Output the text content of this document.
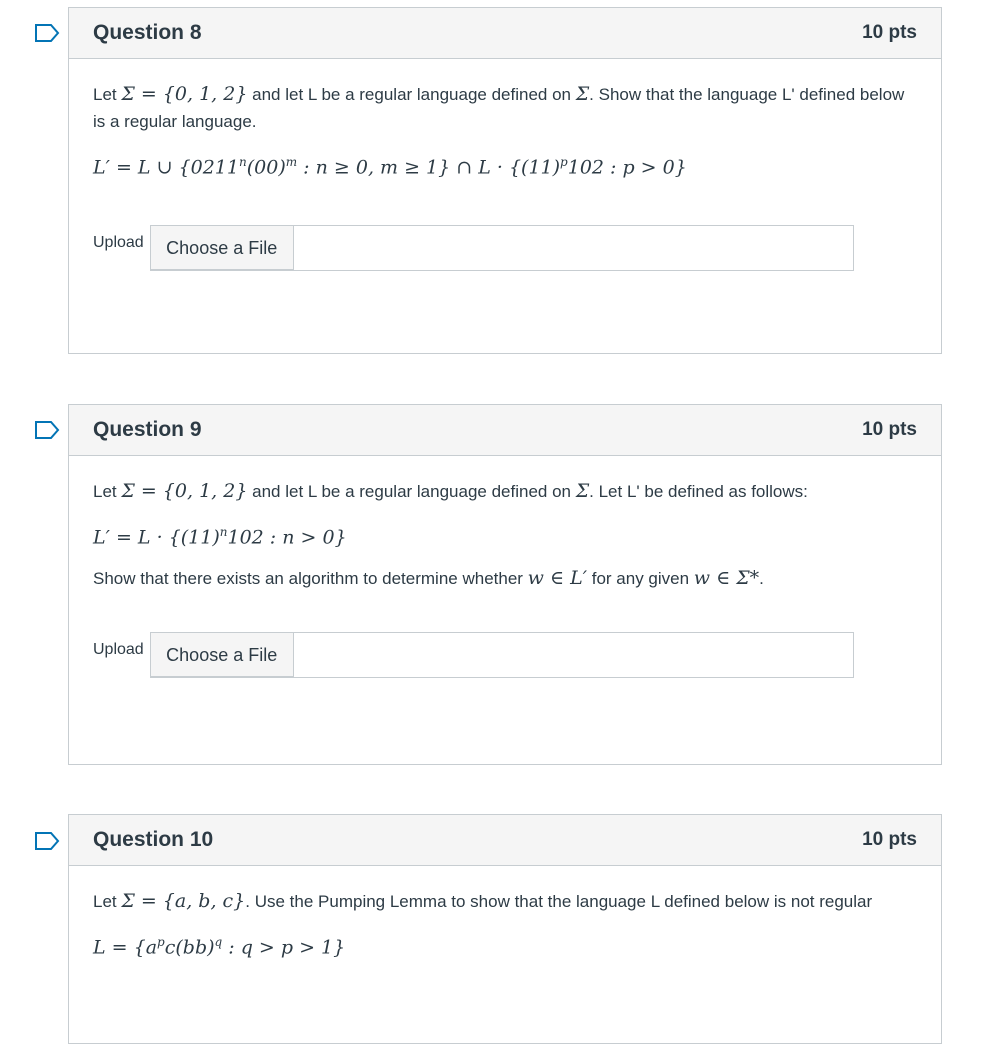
Question 8	10 pts

Let Σ = {0, 1, 2} and let L be a regular language defined on Σ. Show that the language L' defined below is a regular language.

L′ = L ∪ {$0211^n(00)^m$ : n ≥ 0, m ≥ 1} ∩ $L \cdot \{(11)^p102$ : p > 0}

Upload	Choose a File
Question 9	10 pts

Let Σ = {0, 1, 2} and let L be a regular language defined on Σ. Let L' be defined as follows:

$L' = L \cdot \{(11)^n102$ : n > 0}

Show that there exists an algorithm to determine whether w ∈ L′ for any given w ∈ Σ*.

Upload	Choose a File
Question 10	10 pts

Let Σ = {a, b, c}. Use the Pumping Lemma to show that the language L defined below is not regular

$L = \{a^pc(bb)^q$ : q > p > 1}
